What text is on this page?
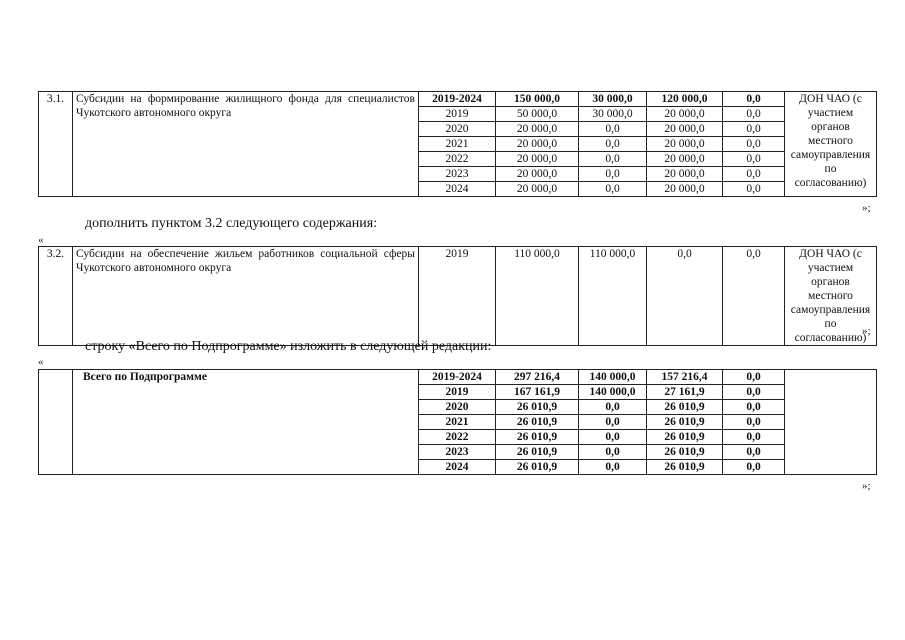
3.1.	Субсидии на формирование жилищного фонда для специалистов Чукотского автономного округа	2019-2024	150 000,0	30 000,0	120 000,0	0,0	ДОН ЧАО (с участием органов местного самоуправления по согласованию)
		2019	50 000,0	30 000,0	20 000,0	0,0	
		2020	20 000,0	0,0	20 000,0	0,0	
		2021	20 000,0	0,0	20 000,0	0,0	
		2022	20 000,0	0,0	20 000,0	0,0	
		2023	20 000,0	0,0	20 000,0	0,0	
		2024	20 000,0	0,0	20 000,0	0,0	
»;
дополнить пунктом 3.2 следующего содержания:
«
3.2.	Субсидии на обеспечение жильем работников социальной сферы Чукотского автономного округа	2019	110 000,0	110 000,0	0,0	0,0	ДОН ЧАО (с участием органов местного самоуправления по согласованию)
»;
строку «Всего по Подпрограмме» изложить в следующей редакции:
«
	Всего по Подпрограмме	2019-2024	297 216,4	140 000,0	157 216,4	0,0	
		2019	167 161,9	140 000,0	27 161,9	0,0	
		2020	26 010,9	0,0	26 010,9	0,0	
		2021	26 010,9	0,0	26 010,9	0,0	
		2022	26 010,9	0,0	26 010,9	0,0	
		2023	26 010,9	0,0	26 010,9	0,0	
		2024	26 010,9	0,0	26 010,9	0,0	
»;
